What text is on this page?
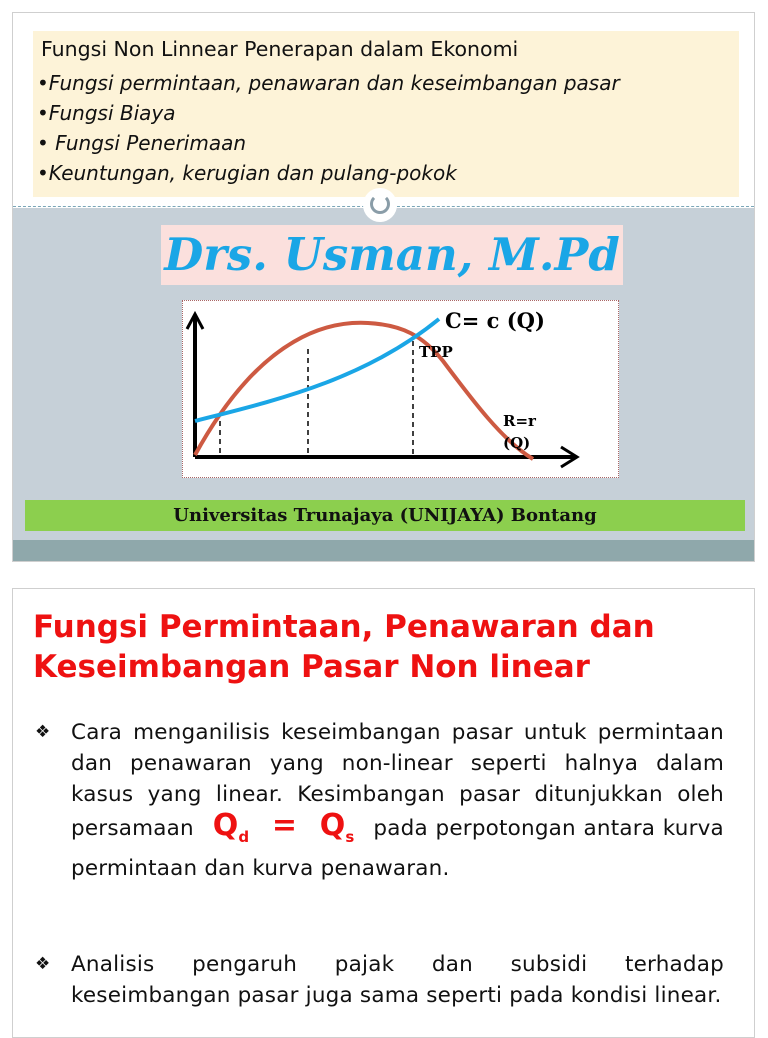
Fungsi Non Linnear Penerapan dalam Ekonomi
•Fungsi permintaan, penawaran dan keseimbangan pasar
•Fungsi Biaya
• Fungsi Penerimaan
•Keuntungan, kerugian dan pulang-pokok
Drs. Usman, M.Pd
C= c (Q)
TPP
R=r
(Q)
Universitas Trunajaya (UNIJAYA) Bontang
Fungsi Permintaan, Penawaran dan Keseimbangan Pasar Non linear
❖ Cara menganilisis keseimbangan pasar untuk permintaan dan penawaran yang non-linear seperti halnya dalam kasus yang linear. Kesimbangan pasar ditunjukkan oleh persamaan $Q_d = Q_s$ pada perpotongan antara kurva permintaan dan kurva penawaran.
❖ Analisis pengaruh pajak dan subsidi terhadap keseimbangan pasar juga sama seperti pada kondisi linear.
